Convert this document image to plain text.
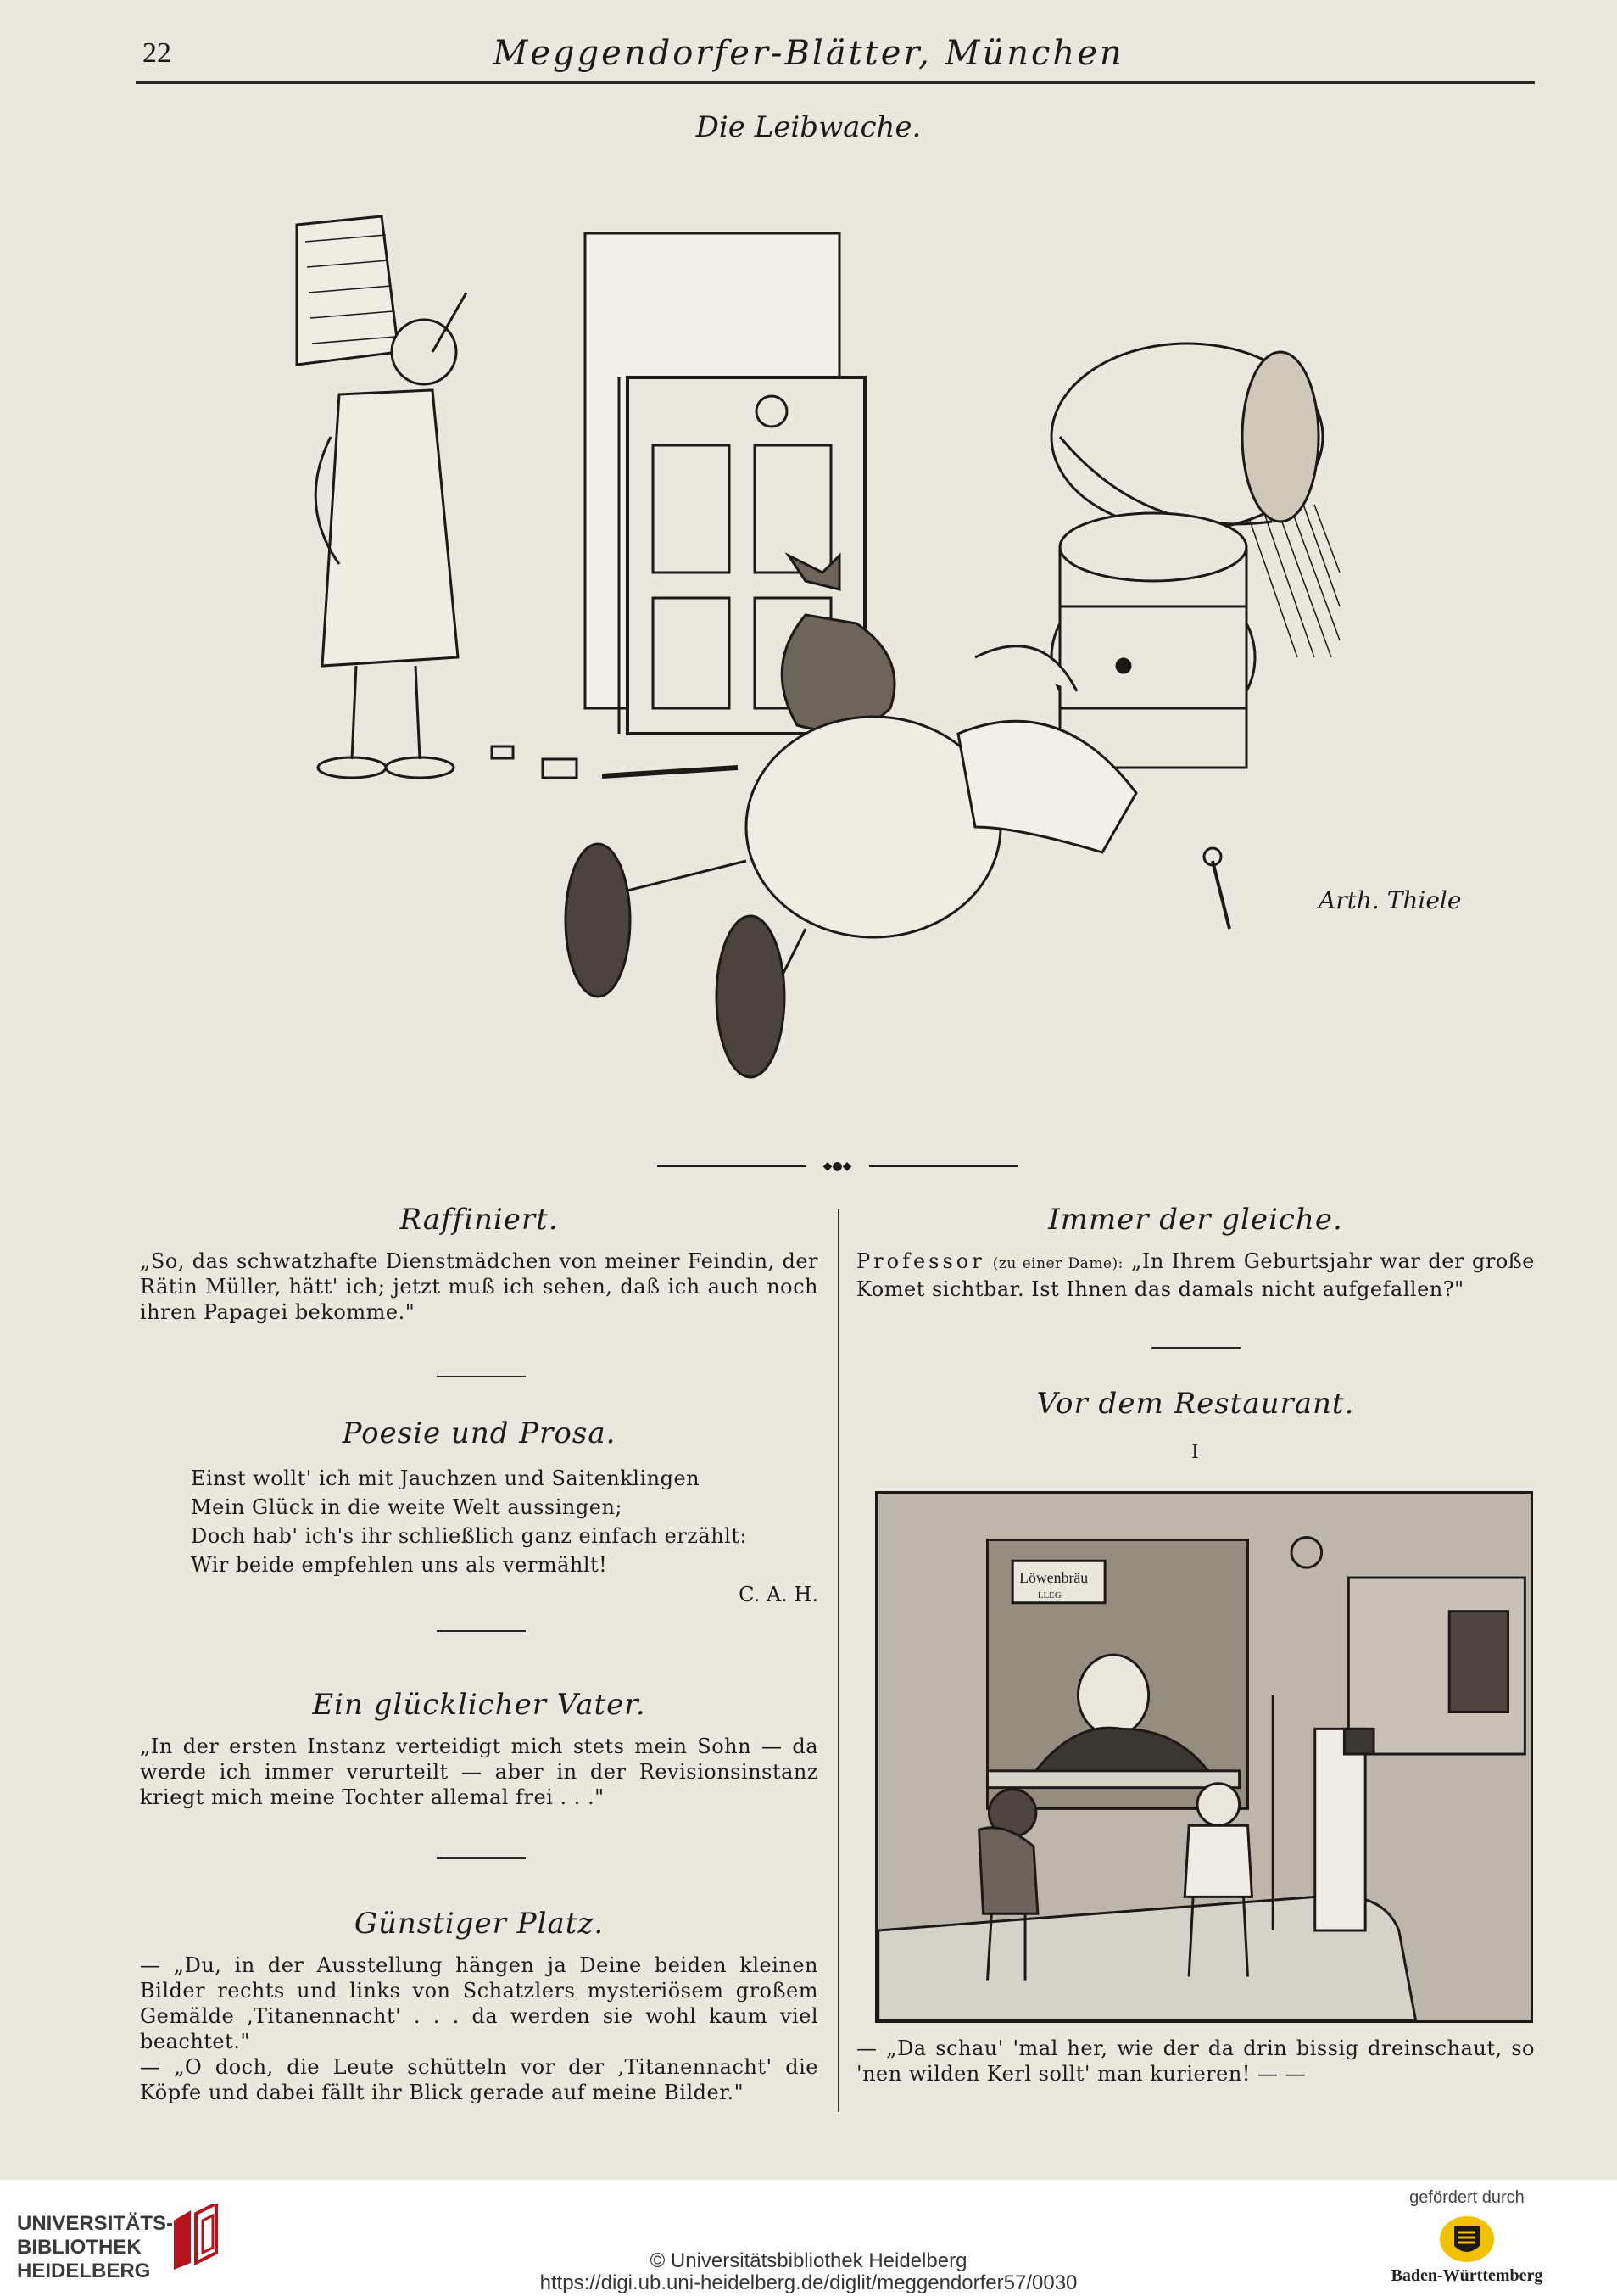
22	Meggendorfer-Blätter, München
Die Leibwache.
Arth. Thiele
◆●◆
Raffiniert.
„So, das schwatzhafte Dienstmädchen von meiner Feindin, der Rätin Müller, hätt' ich; jetzt muß ich sehen, daß ich auch noch ihren Papagei bekomme."
Poesie und Prosa.
Einst wollt' ich mit Jauchzen und Saitenklingen
Mein Glück in die weite Welt aussingen;
Doch hab' ich's ihr schließlich ganz einfach erzählt:
Wir beide empfehlen uns als vermählt!
C. A. H.
Ein glücklicher Vater.
„In der ersten Instanz verteidigt mich stets mein Sohn — da werde ich immer verurteilt — aber in der Revisionsinstanz kriegt mich meine Tochter allemal frei . . ."
Günstiger Platz.
— „Du, in der Ausstellung hängen ja Deine beiden kleinen Bilder rechts und links von Schatzlers mysteriösem großem Gemälde ‚Titanennacht' . . . da werden sie wohl kaum viel beachtet."
— „O doch, die Leute schütteln vor der ‚Titanennacht' die Köpfe und dabei fällt ihr Blick gerade auf meine Bilder."
Immer der gleiche.
Professor (zu einer Dame): „In Ihrem Geburtsjahr war der große Komet sichtbar. Ist Ihnen das damals nicht aufgefallen?"
Vor dem Restaurant.
I
Löwenbräu
LLEG
— „Da schau' 'mal her, wie der da drin bissig dreinschaut, so 'nen wilden Kerl sollt' man kurieren! — —
UNIVERSITÄTS-
BIBLIOTHEK
HEIDELBERG	© Universitätsbibliothek Heidelberg
https://digi.ub.uni-heidelberg.de/diglit/meggendorfer57/0030
gefördert durch
Baden-Württemberg
